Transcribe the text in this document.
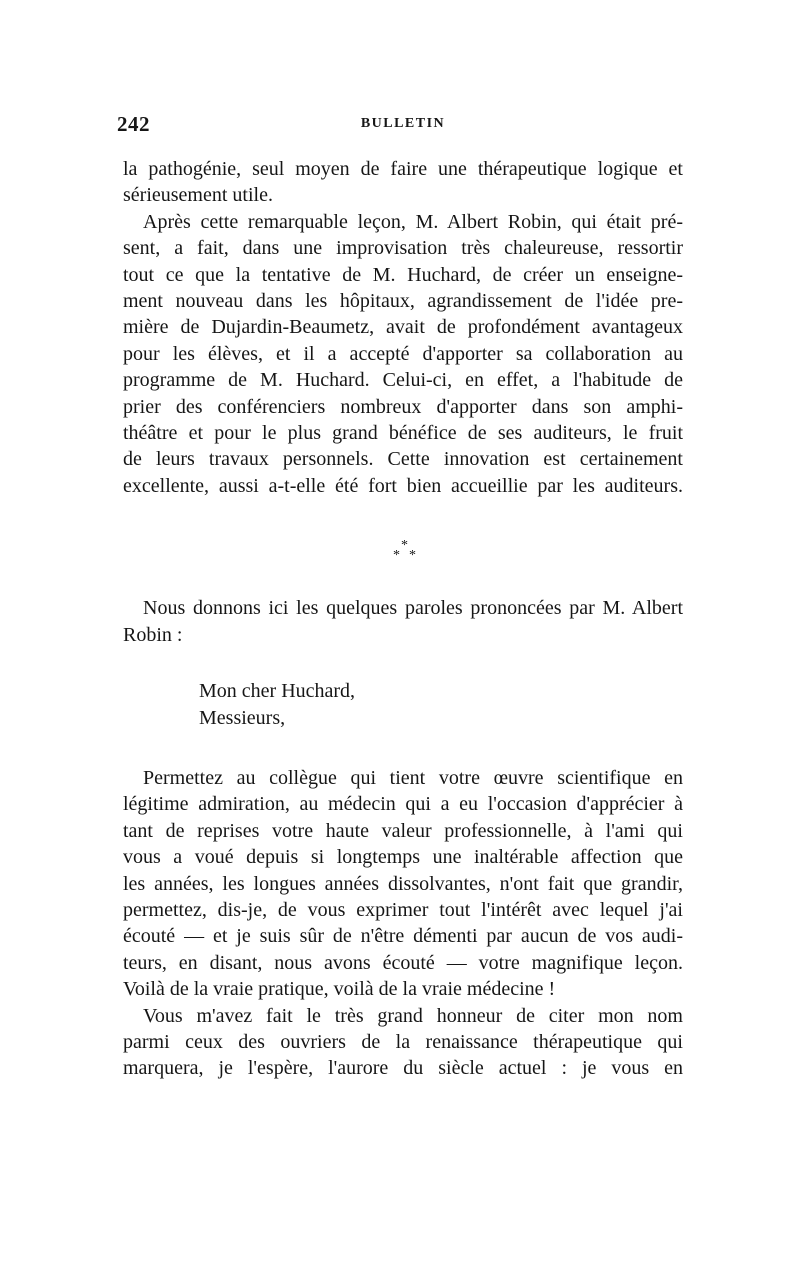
242	BULLETIN

la pathogénie, seul moyen de faire une thérapeutique logique et
sérieusement utile.

Après cette remarquable leçon, M. Albert Robin, qui était pré-
sent, a fait, dans une improvisation très chaleureuse, ressortir
tout ce que la tentative de M. Huchard, de créer un enseigne-
ment nouveau dans les hôpitaux, agrandissement de l'idée pre-
mière de Dujardin-Beaumetz, avait de profondément avantageux
pour les élèves, et il a accepté d'apporter sa collaboration au
programme de M. Huchard. Celui-ci, en effet, a l'habitude de
prier des conférenciers nombreux d'apporter dans son amphi-
théâtre et pour le plus grand bénéfice de ses auditeurs, le fruit
de leurs travaux personnels. Cette innovation est certainement
excellente, aussi a-t-elle été fort bien accueillie par les auditeurs.

*
* *

Nous donnons ici les quelques paroles prononcées par M. Albert
Robin :

Mon cher Huchard,
Messieurs,

Permettez au collègue qui tient votre œuvre scientifique en
légitime admiration, au médecin qui a eu l'occasion d'apprécier à
tant de reprises votre haute valeur professionnelle, à l'ami qui
vous a voué depuis si longtemps une inaltérable affection que
les années, les longues années dissolvantes, n'ont fait que grandir,
permettez, dis-je, de vous exprimer tout l'intérêt avec lequel j'ai
écouté — et je suis sûr de n'être démenti par aucun de vos audi-
teurs, en disant, nous avons écouté — votre magnifique leçon.
Voilà de la vraie pratique, voilà de la vraie médecine !

Vous m'avez fait le très grand honneur de citer mon nom
parmi ceux des ouvriers de la renaissance thérapeutique qui
marquera, je l'espère, l'aurore du siècle actuel : je vous en
